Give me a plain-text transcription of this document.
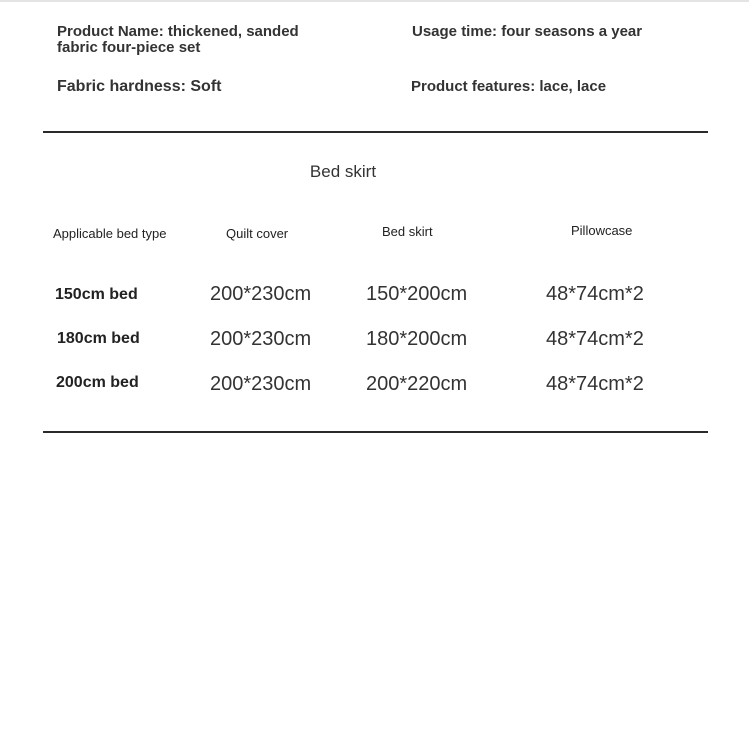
Product Name: thickened, sanded fabric four-piece set
Usage time: four seasons a year
Fabric hardness: Soft	Product features: lace, lace
Bed skirt
Applicable bed type	Quilt cover	Bed skirt	Pillowcase
150cm bed	200*230cm	150*200cm	48*74cm*2
180cm bed	200*230cm	180*200cm	48*74cm*2
200cm bed	200*230cm	200*220cm	48*74cm*2
